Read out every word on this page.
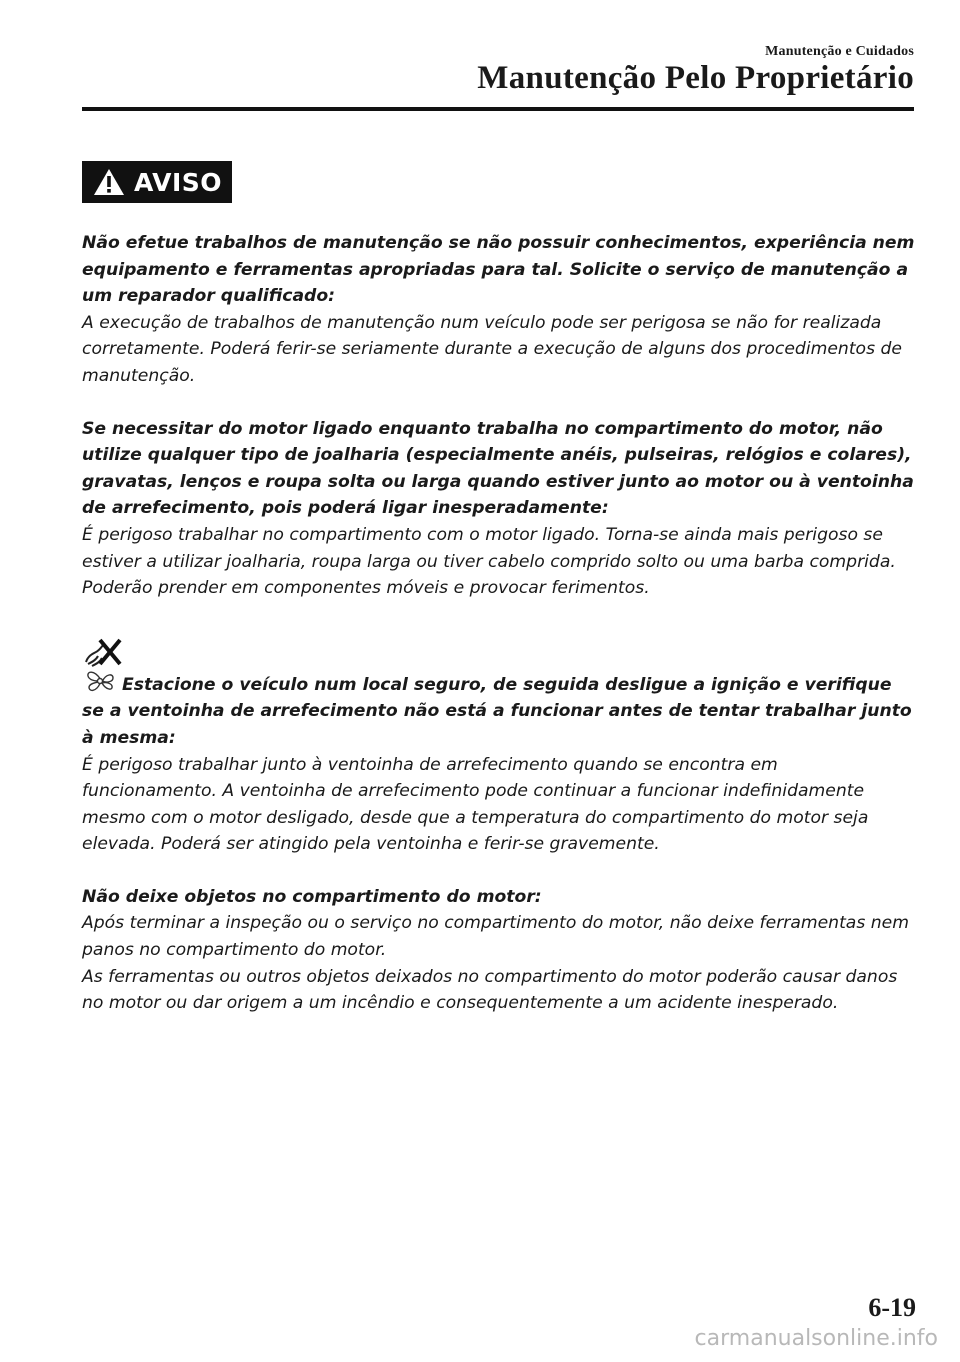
Manutenção e Cuidados
Manutenção Pelo Proprietário
AVISO

Não efetue trabalhos de manutenção se não possuir conhecimentos, experiência nem equipamento e ferramentas apropriadas para tal. Solicite o serviço de manutenção a um reparador qualificado:

A execução de trabalhos de manutenção num veículo pode ser perigosa se não for realizada corretamente. Poderá ferir-se seriamente durante a execução de alguns dos procedimentos de manutenção.

Se necessitar do motor ligado enquanto trabalha no compartimento do motor, não utilize qualquer tipo de joalharia (especialmente anéis, pulseiras, relógios e colares), gravatas, lenços e roupa solta ou larga quando estiver junto ao motor ou à ventoinha de arrefecimento, pois poderá ligar inesperadamente:

É perigoso trabalhar no compartimento com o motor ligado. Torna-se ainda mais perigoso se estiver a utilizar joalharia, roupa larga ou tiver cabelo comprido solto ou uma barba comprida.

Poderão prender em componentes móveis e provocar ferimentos.

Estacione o veículo num local seguro, de seguida desligue a ignição e verifique se a ventoinha de arrefecimento não está a funcionar antes de tentar trabalhar junto à mesma:

É perigoso trabalhar junto à ventoinha de arrefecimento quando se encontra em funcionamento. A ventoinha de arrefecimento pode continuar a funcionar indefinidamente mesmo com o motor desligado, desde que a temperatura do compartimento do motor seja elevada. Poderá ser atingido pela ventoinha e ferir-se gravemente.

Não deixe objetos no compartimento do motor:

Após terminar a inspeção ou o serviço no compartimento do motor, não deixe ferramentas nem panos no compartimento do motor.

As ferramentas ou outros objetos deixados no compartimento do motor poderão causar danos no motor ou dar origem a um incêndio e consequentemente a um acidente inesperado.

6-19
carmanualsonline.info
